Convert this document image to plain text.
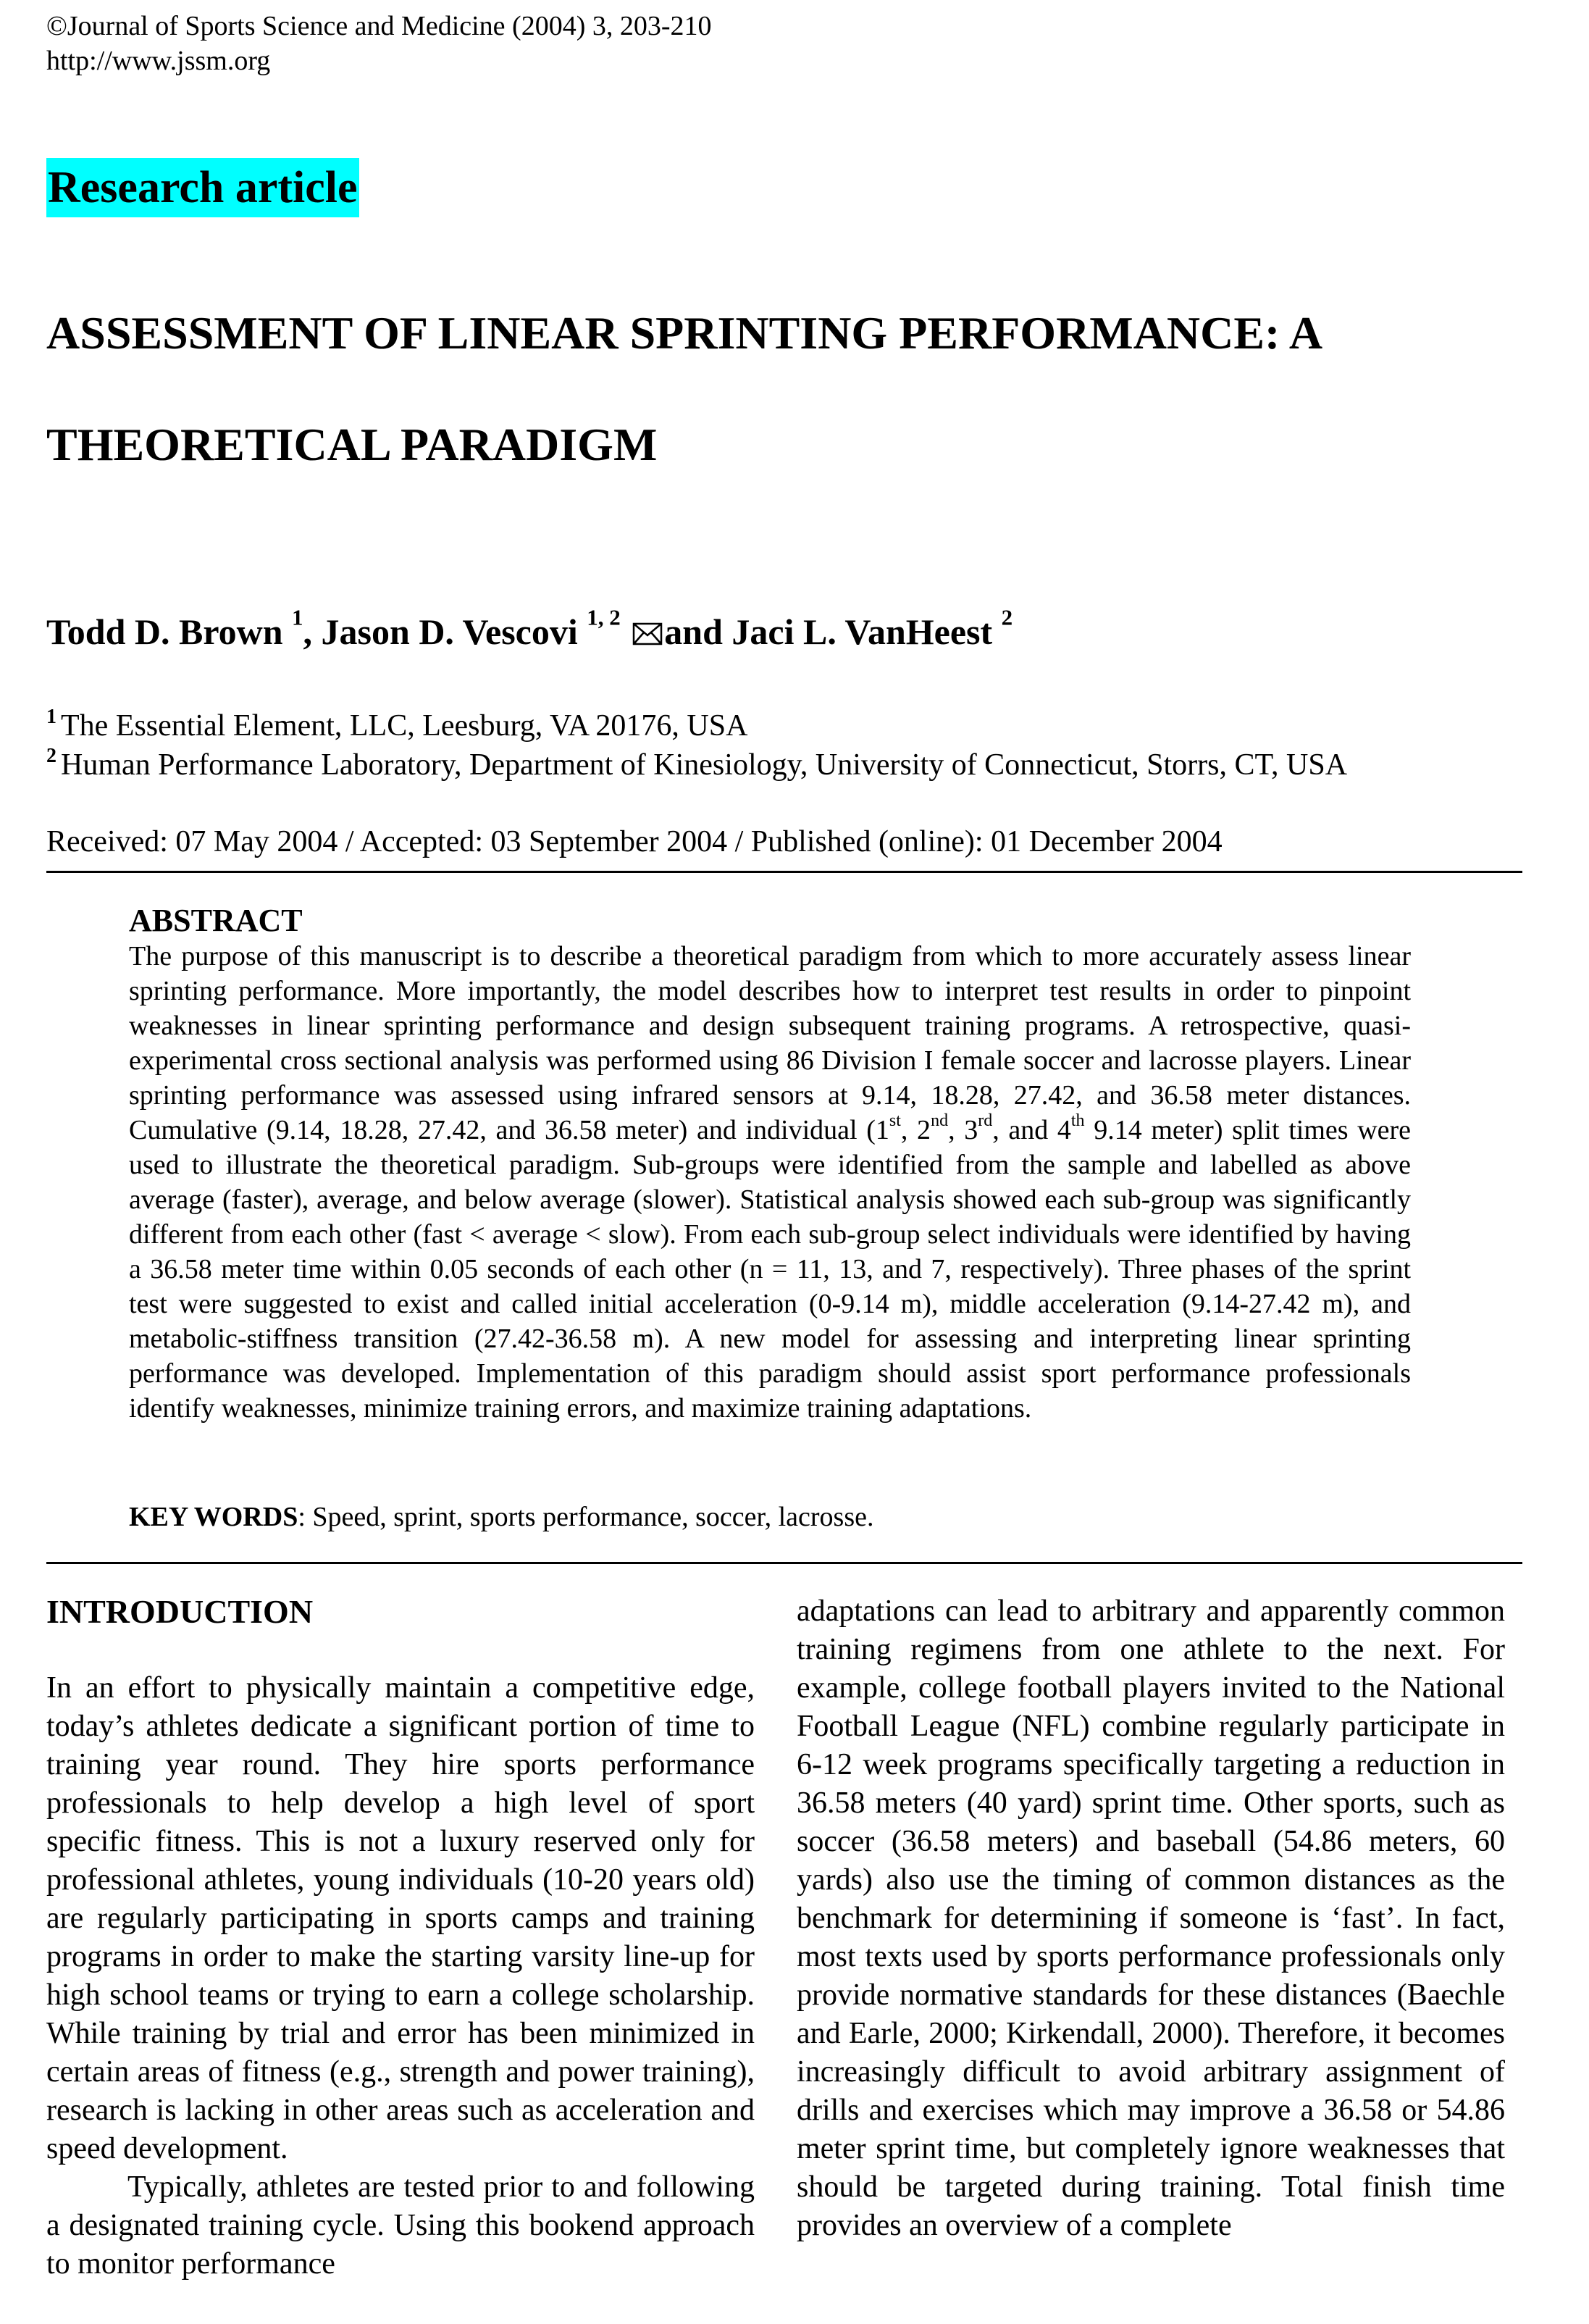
©Journal of Sports Science and Medicine (2004) 3, 203-210
http://www.jssm.org
Research article
ASSESSMENT OF LINEAR SPRINTING PERFORMANCE: A
THEORETICAL PARADIGM
Todd D. Brown $^1$, Jason D. Vescovi $^{1, 2}$ and Jaci L. VanHeest $^2$
$^1$ The Essential Element, LLC, Leesburg, VA 20176, USA
$^2$ Human Performance Laboratory, Department of Kinesiology, University of Connecticut, Storrs, CT, USA
Received: 07 May 2004 / Accepted: 03 September 2004 / Published (online): 01 December 2004
ABSTRACT
The purpose of this manuscript is to describe a theoretical paradigm from which to more accurately assess linear sprinting performance. More importantly, the model describes how to interpret test results in order to pinpoint weaknesses in linear sprinting performance and design subsequent training programs. A retrospective, quasi-experimental cross sectional analysis was performed using 86 Division I female soccer and lacrosse players. Linear sprinting performance was assessed using infrared sensors at 9.14, 18.28, 27.42, and 36.58 meter distances. Cumulative (9.14, 18.28, 27.42, and 36.58 meter) and individual (1st, 2nd, 3rd, and 4th 9.14 meter) split times were used to illustrate the theoretical paradigm. Sub-groups were identified from the sample and labelled as above average (faster), average, and below average (slower). Statistical analysis showed each sub-group was significantly different from each other (fast < average < slow). From each sub-group select individuals were identified by having a 36.58 meter time within 0.05 seconds of each other (n = 11, 13, and 7, respectively). Three phases of the sprint test were suggested to exist and called initial acceleration (0-9.14 m), middle acceleration (9.14-27.42 m), and metabolic-stiffness transition (27.42-36.58 m). A new model for assessing and interpreting linear sprinting performance was developed. Implementation of this paradigm should assist sport performance professionals identify weaknesses, minimize training errors, and maximize training adaptations.
KEY WORDS: Speed, sprint, sports performance, soccer, lacrosse.
INTRODUCTION

In an effort to physically maintain a competitive edge, today’s athletes dedicate a significant portion of time to training year round. They hire sports performance professionals to help develop a high level of sport specific fitness. This is not a luxury reserved only for professional athletes, young individuals (10-20 years old) are regularly participating in sports camps and training programs in order to make the starting varsity line-up for high school teams or trying to earn a college scholarship. While training by trial and error has been minimized in certain areas of fitness (e.g., strength and power training), research is lacking in other areas such as acceleration and speed development.

Typically, athletes are tested prior to and following a designated training cycle. Using this bookend approach to monitor performance

adaptations can lead to arbitrary and apparently common training regimens from one athlete to the next. For example, college football players invited to the National Football League (NFL) combine regularly participate in 6-12 week programs specifically targeting a reduction in 36.58 meters (40 yard) sprint time. Other sports, such as soccer (36.58 meters) and baseball (54.86 meters, 60 yards) also use the timing of common distances as the benchmark for determining if someone is ‘fast’. In fact, most texts used by sports performance professionals only provide normative standards for these distances (Baechle and Earle, 2000; Kirkendall, 2000). Therefore, it becomes increasingly difficult to avoid arbitrary assignment of drills and exercises which may improve a 36.58 or 54.86 meter sprint time, but completely ignore weaknesses that should be targeted during training. Total finish time provides an overview of a complete
